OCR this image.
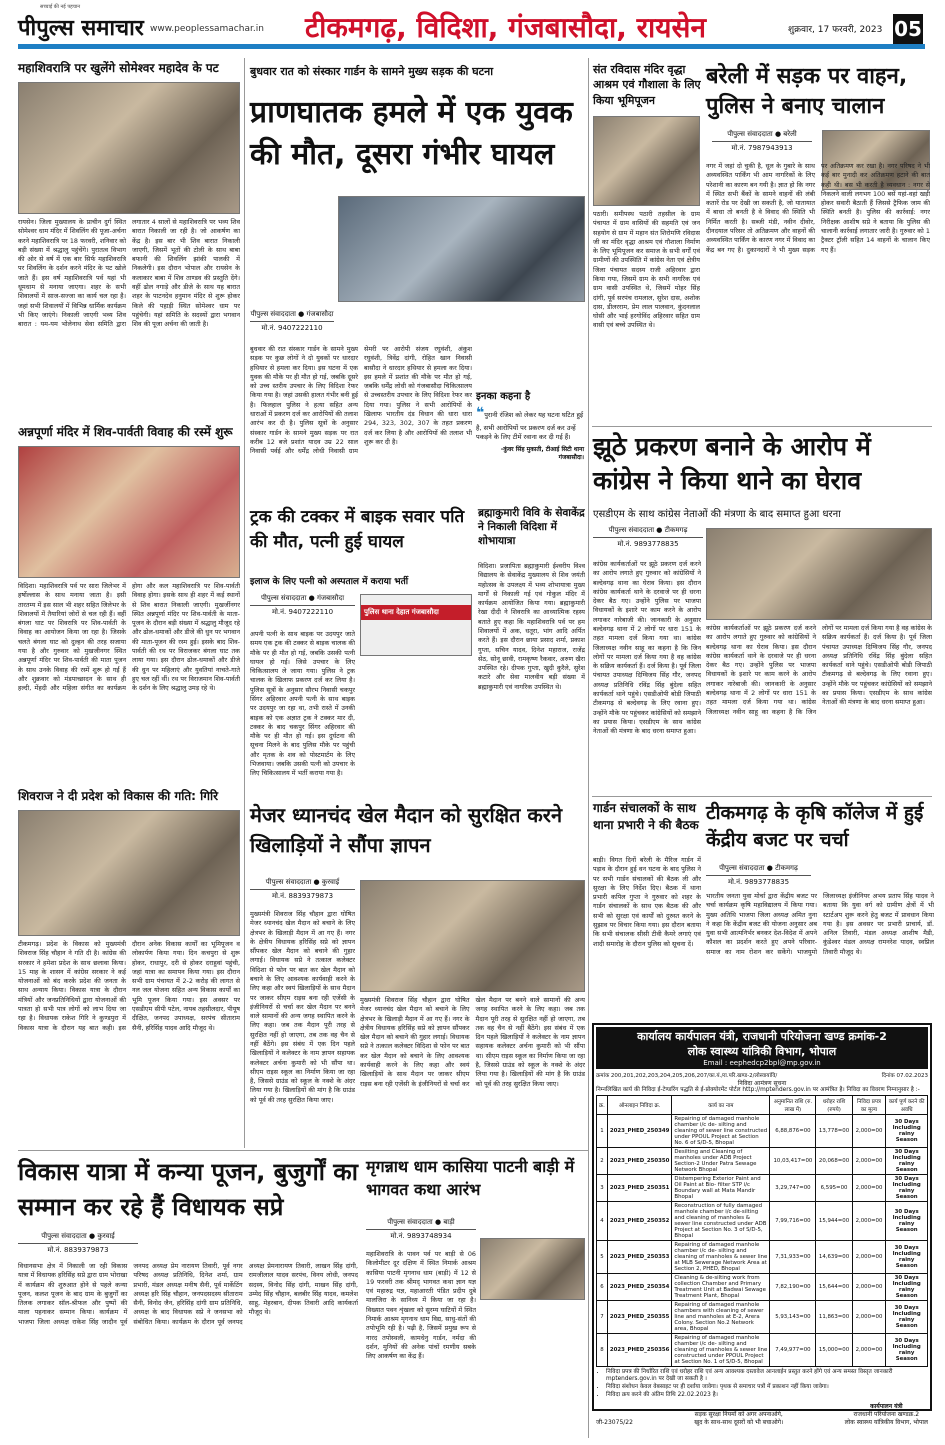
सच्चाई की नई पहचान
पीपुल्स समाचार www.peoplessamachar.in टीकमगढ़, विदिशा, गंजबासौदा, रायसेन	शुक्रवार, 17 फरवरी, 2023 05
महाशिवरात्रि पर खुलेंगे सोमेश्वर महादेव के पट
रायसेन। जिला मुख्यालय के प्राचीन दुर्ग स्थित सोमेश्वर धाम मंदिर में शिवलिंग की पूजा-अर्चना करने महाशिवरात्रि पर 18 फरवरी, शनिवार को बड़ी संख्या में श्रद्धालु पहुंचेंगे। पुरातत्व विभाग की ओर से वर्ष में एक बार सिर्फ महाशिवरात्रि पर शिवलिंग के दर्शन करने मंदिर के पट खोले जाते हैं। इस वर्ष महाशिवरात्रि पर्व यहां भी धूमधाम से मनाया जाएगा। शहर के सभी शिवालयों में साज-सज्जा का कार्य चल रहा है। जहां सभी शिवालयों में विभिन्न धार्मिक कार्यक्रम भी किए जाएंगे। निकाली जाएगी भव्य शिव बारात : यम-यम भोलेनाथ सेवा समिति द्वारा लगातार 4 सालों से महाशिवरात्रि पर भव्य शिव बारात निकाली जा रही है। जो आकर्षण का केंद्र है। इस बार भी शिव बारात निकाली जाएगी, जिसमें भूतों की टोली के साथ बाबा बफानी की शिवलिंग झांकी पालकी में निकलेगी। इस दौरान भोपाल और रायसेन के कलाकार बाबा में शिव ताण्डव की प्रस्तुति देंगे। वहीं ढोल नगाड़े और डीजे के साथ यह बारात शहर के पाटनदेव हनुमान मंदिर से शुरू होकर किले की पहाड़ी स्थित सोमेश्वर धाम पर पहुंचेगी। यहां समिति के सदस्यों द्वारा भगवान शिव की पूजा अर्चना की जाती है।
अन्नपूर्णा मंदिर में शिव-पार्वती विवाह की रस्में शुरू
विदिशा। महाशिवरात्रि पर्व पर सारा जिलेभर में हर्षोल्लास के साथ मनाया जाता है। इसी तारतम्य में इस साल भी शहर सहित जिलेभर के शिवालयों में तैयारियां जोरों से चल रही हैं। वहीं बंगला घाट पर शिवरात्रि पर शिव-पार्वती के विवाह का आयोजन किया जा रहा है। जिसके चलते बंगला घाट को दुल्हन की तरह सजाया गया है और गुरुवार को मुखजीनगर स्थित अन्नपूर्णा मंदिर पर शिव-पार्वती की माता पूजन के साथ उनके विवाह की रस्में शुरू हो गईं हैं और शुक्रवार को मंडपाच्छादन के साथ ही हल्दी, मेंहदी और महिला संगीत का कार्यक्रम होगा और कल महाशिवरात्रि पर शिव-पार्वती विवाह होगा। इसके साथ ही शहर में कई स्थानों से शिव बारात निकाली जाएगी। मुखर्जीनगर स्थित अन्नपूर्णा मंदिर पर शिव-पार्वती के माता-पूजन के दौरान बड़ी संख्या में श्रद्धालु मौजूद रहे और ढोल-धमाकों और डीजे की धुन पर भगवान की माता-पूजन की रस्म हुई। इसके बाद शिव-पार्वती की रथ पर विराजकर बंगला घाट तक लाया गया। इस दौरान ढोल-धमाकों और डीजे की धुन पर महिलाएं और युवतियां नाचते-गाते हुए चल रहीं थीं। रथ पर विराजमान शिव-पार्वती के दर्शन के लिए श्रद्धालु उमड़ रहे थे।
शिवराज ने दी प्रदेश को विकास की गति: गिरि
टीकमगढ़। प्रदेश के विकास को मुख्यमंत्री शिवराज सिंह चौहान ने गति दी है। कांग्रेस की सरकार ने हमेशा प्रदेश के साथ छलावा किया। 15 माह के शासन में कांग्रेस सरकार ने कई योजनाओं को बंद करके प्रदेश की जनता के साथ अन्याय किया। विकास यात्रा के दौरान मंत्रियों और जनप्रतिनिधियों द्वारा योजनाओं की पात्रता हो सभी पात्र लोगों को लाभ दिया जा रहा है। विधायक राकेश गिरि ने कुण्डपुरा में विकास यात्रा के दौरान यह बात कही। इस दौरान अनेक विकास कार्यों का भूमिपूजन व लोकार्पण किया गया। दिन कचपुरा से शुरू होकर, राधापुर, दरी से होकर दराहुवां पहुंची, जहां यात्रा का समापन किया गया। इस दौरान सभी ग्राम पंचायत में 2-2 करोड़ की लागत से नल जल योजना सहित अन्य विकास कार्यों का भूमि पूजन किया गया। इस अवसर पर एसडीएम सीपी पटेल, नायब तहसीलदार, पीयूष दीक्षित, जनपद उपाध्यक्ष, सरपंच सीताराम सैनी, हरिसिंह यादव आदि मौजूद थे।
बुधवार रात को संस्कार गार्डन के सामने मुख्य सड़क की घटना
प्राणघातक हमले में एक युवक की मौत, दूसरा गंभीर घायल
पीपुल्स संवाददाता ● गंजबासौदा
मो.नं. 9407222110
बुधवार की रात संस्कार गार्डन के सामने मुख्य सड़क पर कुछ लोगों ने दो युवकों पर धारदार हथियार से हमला कर दिया। इस घटना में एक युवक की मौके पर ही मौत हो गई, जबकि दूसरे को उच्च स्तरीय उपचार के लिए विदिशा रेफर किया गया है। जहां उसकी हालत गंभीर बनी हुई है। फिलहाल पुलिस ने हत्या सहित अन्य धाराओं में प्रकरण दर्ज कर आरोपियों की तलाश आरंभ कर दी है। पुलिस सूत्रों के अनुसार संस्कार गार्डन के सामने मुख्य सड़क पर रात करीब 12 बजे प्रशांत यादव उम्र 22 साल निवासी पर्वई और धर्मेंद्र लोधी निवासी ग्राम सेमरी पर आरोपी संजय रघुवंशी, अंकुश रघुवंशी, त्रिवेंद्र दांगी, रोहित खान निवासी बासौदा ने धारदार हथियार से हमला कर दिया। इस हमले में प्रशांत की मौके पर मौत हो गई, जबकि धर्मेंद्र लोधी को गंजबासौदा चिकित्सालय से उच्चस्तरीय उपचार के लिए विदिशा रेफर कर दिया गया। पुलिस ने सभी आरोपियों के खिलाफ भारतीय दंड विधान की धारा धारा 294, 323, 302, 307 के तहत प्रकरण दर्ज कर लिया है और आरोपियों की तलाश भी शुरू कर दी है।
इनका कहना है
❝पुरानी रंजिश को लेकर यह घटना घटित हुई है, सभी आरोपियों पर प्रकरण दर्ज कर उन्हें पकड़ने के लिए टीमें रवाना कर दी गई हैं।
-कुंवर सिंह मुकाती, टीआई सिटी थाना गंजबासौदा।
ट्रक की टक्कर में बाइक सवार पति की मौत, पत्नी हुई घायल
इलाज के लिए पत्नी को अस्पताल में कराया भर्ती
पीपुल्स संवाददाता ● गंजबासौदा
मो.नं. 9407222110	पुलिस थाना देहात गंजबासौदा
अपनी पत्नी के साथ बाइक पर उदयपुर जाते समय एक ट्रक की टक्कर से बाइक चालक की मौके पर ही मौत हो गई, जबकि उसकी पत्नी घायल हो गई। जिसे उपचार के लिए चिकित्सालय ले जाया गया। पुलिस ने ट्रक चालक के खिलाफ प्रकरण दर्ज कर लिया है। पुलिस सूत्रों के अनुसार सौरभ निवासी चकपुर सिंगर अहिरवार अपनी पत्नी के साथ बाइक पर उदयपुर जा रहा था, तभी रास्ते में उनकी बाइक को एक अज्ञात ट्रक ने टक्कर मार दी, टक्कर के बाद चकपुर सिंगर अहिरवार की मौके पर ही मौत हो गई। इस दुर्घटना की सूचना मिलने के बाद पुलिस मौके पर पहुंची और मृतक के शव को पोस्टमार्टम के लिए भिजवाया। जबकि उसकी पत्नी को उपचार के लिए चिकित्सालय में भर्ती कराया गया है।
ब्रह्माकुमारी विवि के सेवाकेंद्र ने निकाली विदिशा में शोभायात्रा
विदिशा। प्रजापिता ब्रह्माकुमारी ईश्वरीय विश्व विद्यालय के सेवाकेंद्र मुख्यालय से शिव जयंती महोत्सव के उपलक्ष्य में भव्य शोभायात्रा मुख्य मार्गों से निकाली गई एवं गोकुल मंदिर में कार्यक्रम आयोजित किया गया। ब्रह्माकुमारी रेखा दीदी ने शिवरात्रि का आध्यात्मिक रहस्य बताते हुए कहा कि महाशिवरात्रि पर्व पर हम शिवालयों में अक, धतूरा, भांग आदि अर्पित करते हैं। इस दौरान छाया प्रसाद शर्मा, प्रकाश गुप्ता, सचिन यादव, दिनेश महाराज, राजेंद्र सेठ, सोनू छावी, रामकृष्ण रैकवार, अरुण खैरा उपस्थित रहे। दीपक गुप्ता, खुदी कुरैले, सुरेश कटारे और सेवा मालवीय बड़ी संख्या में ब्रह्माकुमारी एवं नागरिक उपस्थित थे।
मेजर ध्यानचंद खेल मैदान को सुरक्षित करने खिलाड़ियों ने सौंपा ज्ञापन
पीपुल्स संवाददाता ● कुरवाई
मो.नं. 8839379873
मुख्यमंत्री शिवराज सिंह चौहान द्वारा घोषित मेजर ध्यानचंद खेल मैदान को बचाने के लिए क्षेत्रभर के खिलाड़ी मैदान में आ गए हैं। नगर के क्षेत्रीय विधायक हरिसिंह सप्रे को ज्ञापन सौंपकर खेल मैदान को बचाने की गुहार लगाई। विधायक सप्रे ने तत्काल कलेक्टर विदिशा से फोन पर बात कर खेल मैदान को बचाने के लिए आवश्यक कार्यवाही करने के लिए कहा और स्वयं खिलाड़ियों के साथ मैदान पर जाकर सीएम राइस बना रही एजेंसी के इंजीनियरों से चर्चा कर खेल मैदान पर बनने वाले सामानों की अन्य जगह स्थापित करने के लिए कहा। जब तक मैदान पूरी तरह से सुरक्षित नहीं हो जाएगा, तब तक वह चैन से नहीं बैठेंगे। इस संबंध में एक दिन पहले खिलाड़ियों ने कलेक्टर के नाम ज्ञापन सहायक कलेक्टर अर्चना कुमारी को भी सौंपा था। सीएम राइस स्कूल का निर्माण किया जा रहा है, जिससे ग्राउंड को स्कूल के नक्शे के अंदर लिया गया है। खिलाड़ियों की मांग है कि ग्राउंड को पूर्व की तरह सुरक्षित किया जाए।
मुख्यमंत्री शिवराज सिंह चौहान द्वारा घोषित मेजर ध्यानचंद खेल मैदान को बचाने के लिए क्षेत्रभर के खिलाड़ी मैदान में आ गए हैं। नगर के क्षेत्रीय विधायक हरिसिंह सप्रे को ज्ञापन सौंपकर खेल मैदान को बचाने की गुहार लगाई। विधायक सप्रे ने तत्काल कलेक्टर विदिशा से फोन पर बात कर खेल मैदान को बचाने के लिए आवश्यक कार्यवाही करने के लिए कहा और स्वयं खिलाड़ियों के साथ मैदान पर जाकर सीएम राइस बना रही एजेंसी के इंजीनियरों से चर्चा कर खेल मैदान पर बनने वाले सामानों की अन्य जगह स्थापित करने के लिए कहा। जब तक मैदान पूरी तरह से सुरक्षित नहीं हो जाएगा, तब तक वह चैन से नहीं बैठेंगे। इस संबंध में एक दिन पहले खिलाड़ियों ने कलेक्टर के नाम ज्ञापन सहायक कलेक्टर अर्चना कुमारी को भी सौंपा था। सीएम राइस स्कूल का निर्माण किया जा रहा है, जिससे ग्राउंड को स्कूल के नक्शे के अंदर लिया गया है। खिलाड़ियों की मांग है कि ग्राउंड को पूर्व की तरह सुरक्षित किया जाए।
विकास यात्रा में कन्या पूजन, बुजुर्गों का सम्मान कर रहे हैं विधायक सप्रे
पीपुल्स संवाददाता ● कुरवाई
मो.नं. 8839379873
विधानसभा क्षेत्र में निकाली जा रही विकास यात्रा में विधायक हरिसिंह सप्रे द्वारा ग्राम भोराखा में कार्यक्रम की शुरुआत होने से पहले कन्या पूजन, कलश पूजन के बाद ग्राम के बुजुर्गों का तिलक लगाकर सॉल-श्रीफल और पुष्पों की माला पहनाकर सम्मान किया। कार्यक्रम में भाजपा जिला अध्यक्ष राकेश सिंह जादौन पूर्व जनपद अध्यक्ष प्रेम नारायण तिवारी, पूर्व नगर परिषद अध्यक्ष प्रतिनिधि, दिनेश शर्मा, ग्राम प्रभारी, मंडल अध्यक्ष मनीष सैनी, पूर्व मार्केटिंग अध्यक्ष हरि सिंह चौहान, जनपदसदस्य सीताराम सैनी, विनोद जैन, हरिसिंह दांगी ग्राम प्रतिनिधि, अध्यक्ष के बाद विधायक सप्रे ने जनसभा को संबोधित किया। कार्यक्रम के दौरान पूर्व जनपद अध्यक्ष प्रेमनारायण तिवारी, लाखन सिंह दांगी, रामजीलाल यादव सरपंच, विनय लोधी, जनपद सदस्य, विनोद सिंह दांगी, माखन सिंह दांगी, उम्मेद सिंह चौहान, बलबीर सिंह यादव, कमलेश साहू, मेहरबान, दीपक तिवारी आदि कार्यकर्ता मौजूद थे।
मृगन्नाथ धाम कासिया पाटनी बाड़ी में भागवत कथा आरंभ
पीपुल्स संवाददाता ● बाड़ी
मो.नं. 9893748934
महाशिवरात्रि के पावन पर्व पर बाड़ी से 06 किलोमीटर दूर दक्षिण में स्थित निमार्क आश्रम कासिया पाटनी मृगनाथ धाम (बाड़ी) में 12 से 19 फरवरी तक श्रीमद् भागवत कथा ज्ञान यज्ञ एवं महारुद्र यज्ञ, महाआरती पंडित प्रदीप दुबे मालजिरा के सानिध्य में किया जा रहा है। विख्यात पवन शृंखला को सुरम्य घाटियों में स्थित निमार्क आश्रम मृगनाथ धाम विद्य, साधु-संतों की तपोभूमि रही है। पढ़ी है, जिसमें प्रमुख रूप से नारद तपोस्थली, कामधेनु गार्डन, नर्मदा की दर्शन, मुनियों की अनेक पांचों रमणीय सबके लिए आकर्षण का केंद्र हैं।
संत रविदास मंदिर वृद्धा आश्रम एवं गौशाला के लिए किया भूमिपूजन
पठारी। समीपस्थ पठारी तहसील के ग्राम पंचायत में ग्राम वासियों की सहमति एवं जन सहयोग से ग्राम में महान संत शिरोमणि रविदास जी का मंदिर वृद्धा आश्रम एवं गौशाला निर्माण के लिए भूमिपूजन कर समाज के सभी वर्गों एवं ग्रामीणों की उपस्थिति में कांग्रेस नेता एवं क्षेत्रीय जिला पंचायत सदस्य राजी अहिरवार द्वारा किया गया, जिसमें ग्राम के सभी नागरिक एवं ग्राम वासी उपस्थित थे, जिसमें मोहर सिंह दांगी, पूर्व सरपंच रामलाल, सुरेश दास, अशोक दास, डीलरराम, प्रेम लाल पालवान, कुंदनलाल घोसी और भाई हरगोविंद अहिरवार सहित ग्राम वासी एवं बच्चे उपस्थित थे।
बरेली में सड़क पर वाहन, पुलिस ने बनाए चालान
पीपुल्स संवाददाता ● बरेली
मो.नं. 7987943913
नगर में जहां दो चुकी है, धूल के गुबारे के साथ अव्यवस्थित पार्किंग भी आम नागरिकों के लिए परेशानी का कारण बन गयी है। ज्ञात हो कि नगर में स्थित सभी बैंकों के सामने वाहनों की लंबी कतारें रोड पर देखी जा सकती है, जो यातायात में बाधा तो बनती है वे विवाद की स्थिति भी निर्मित करती है। सब्जी मंडी, नवीन दीवोर, दीनदयाल परिसर तो अतिक्रमण और वाहनों की अव्यवस्थित पार्किंग के कारण नगर में विवाद का केंद्र बन गए है। दुकानदारों ने भी मुख्य सड़क पर अतिक्रमण कर रखा है। नगर परिषद ने भी कई बार मुनादी कर अतिक्रमण हटाने की बात कही थी। बस भी करती है व्यवधान : नगर से निकलने वाली लगभग 100 बसें यहां-वहां खड़ी होकर सवारी बैठाती हैं जिससे ट्रैफिक जाम की स्थिति बनती है। पुलिस की कार्रवाई: नगर निरीक्षक आशीष सप्रे ने बताया कि पुलिस की चालानी कार्रवाई लगातार जारी है। गुरुवार को 1 ट्रैक्टर ट्रॉली सहित 14 वाहनों के चालान किए गए हैं।
झूठे प्रकरण बनाने के आरोप में कांग्रेस ने किया थाने का घेराव
एसडीएम के साथ कांग्रेस नेताओं की मंत्रणा के बाद समाप्त हुआ धरना
पीपुल्स संवाददाता ● टीकमगढ़
मो.नं. 9893778835
कांग्रेस कार्यकर्ताओं पर झूठे प्रकरण दर्ज करने का आरोप लगाते हुए गुरुवार को कांग्रेसियों ने बल्देवगढ़ थाना का घेराव किया। इस दौरान कांग्रेस कार्यकर्ता थाने के दरवाजे पर ही धरना देकर बैठ गए। उन्होंने पुलिस पर भाजपा विधायकों के इशारे पर काम करने के आरोप लगाकर नारेबाजी की। जानकारी के अनुसार बल्देवगढ़ थाना में 2 लोगों पर धारा 151 के तहत मामला दर्ज किया गया था। कांग्रेस जिलाध्यक्ष नवीन साहू का कहना है कि जिन लोगों पर मामला दर्ज किया गया है वह कांग्रेस के सक्रिय कार्यकर्ता हैं। दर्ज किया है। पूर्व जिला पंचायत उपाध्यक्ष दिग्विजय सिंह गौर, जनपद अध्यक्ष प्रतिनिधि रविंद्र सिंह बुंदेला सहित कार्यकर्ता थाने पहुंचे। एसडीओपी बोडी जिपाठी टीकमगढ़ से बल्देवगढ़ के लिए रवाना हुए। उन्होंने मौके पर पहुंचकर कांग्रेसियों को समझाने का प्रयास किया। एसडीएम के साथ कांग्रेस नेताओं की मंत्रणा के बाद धरना समाप्त हुआ।
कांग्रेस कार्यकर्ताओं पर झूठे प्रकरण दर्ज करने का आरोप लगाते हुए गुरुवार को कांग्रेसियों ने बल्देवगढ़ थाना का घेराव किया। इस दौरान कांग्रेस कार्यकर्ता थाने के दरवाजे पर ही धरना देकर बैठ गए। उन्होंने पुलिस पर भाजपा विधायकों के इशारे पर काम करने के आरोप लगाकर नारेबाजी की। जानकारी के अनुसार बल्देवगढ़ थाना में 2 लोगों पर धारा 151 के तहत मामला दर्ज किया गया था। कांग्रेस जिलाध्यक्ष नवीन साहू का कहना है कि जिन लोगों पर मामला दर्ज किया गया है वह कांग्रेस के सक्रिय कार्यकर्ता हैं। दर्ज किया है। पूर्व जिला पंचायत उपाध्यक्ष दिग्विजय सिंह गौर, जनपद अध्यक्ष प्रतिनिधि रविंद्र सिंह बुंदेला सहित कार्यकर्ता थाने पहुंचे। एसडीओपी बोडी जिपाठी टीकमगढ़ से बल्देवगढ़ के लिए रवाना हुए। उन्होंने मौके पर पहुंचकर कांग्रेसियों को समझाने का प्रयास किया। एसडीएम के साथ कांग्रेस नेताओं की मंत्रणा के बाद धरना समाप्त हुआ।
गार्डन संचालकों के साथ थाना प्रभारी ने की बैठक
बाड़ी। विगत दिनों बरेली के मैरिज गार्डन में पड़ाव के दौरान हुई वन घटना के बाद पुलिस ने पर सभी गार्डन संचालकों की बैठक ली और सुरक्षा के लिए निर्देश दिए। बैठक में थाना प्रभारी कपिल गुप्ता ने गुरुवार को शहर के गार्डन संचालकों के साथ एक बैठक की और सभी को सुरक्षा एवं कार्यों को दुरुस्त करने के सुझाव पर विचार किया गया। इस दौरान बताया कि सभी संचालक सीसी टीवी कैमरे लगाएं एवं शादी समारोह के दौरान पुलिस को सूचना दें।
टीकमगढ़ के कृषि कॉलेज में हुई केंद्रीय बजट पर चर्चा
पीपुल्स संवाददाता ● टीकमगढ़
मो.नं. 9893778835
भारतीय जनता युवा मोर्चा द्वारा केंद्रीय बजट पर चर्चा कार्यक्रम कृषि महाविद्यालय में किया गया। मुख्य अतिथि भाजपा जिला अध्यक्ष अमित नुना ने कहा कि केंद्रीय बजट की योजना अनुसार अब युवा सभी आत्मनिर्भर बनकर देश-विदेश में अपने कौशल का प्रदर्शन करते हुए अपने परिवार-समाज का नाम रोशन कर सकेंगे। भाजयुमो जिलाध्यक्ष इंजीनियर अभय प्रताप सिंह यादव ने बताया कि युवा वर्ग को ग्रामीण क्षेत्रों में भी स्टार्टअप शुरू करने हेतु बजट में प्रावधान किया गया है। इस अवसर पर प्रभारी प्राचार्य, डॉ. अनिल तिवारी, मंडल अध्यक्ष आशीष मैडी, कुंडेश्वर मंडल अध्यक्ष रामनरेश यादव, स्वप्निल तिवारी मौजूद थे।
कार्यालय कार्यपालन यंत्री, राजधानी परियोजना खण्ड क्रमांक-2
लोक स्वास्थ्य यांत्रिकी विभाग, भोपाल
Email : eephedcp2bpl@mp.gov.in
क्रमांक 200,201,202,203,204,205,206,207/का.यं./रा.परि.खण्ड-2/लोस्वायांवि/	दिनांक 07.02.2023
निविदा आमंत्रण सूचना
निम्नलिखित कार्य की निविदा ई-टेण्डरिंग पद्धति से ई-प्रोक्योरमेंट पोर्टल http://mptenders.gov.in पर आमंत्रित है। निविदा का विवरण निम्नानुसार है :-
क्र.	ऑनलाइन निविदा क्र.	कार्य का नाम	अनुमानित राशि (रु. लाख में)	धरोहर राशि (रुपये)	निविदा प्रपत्र का मूल्य	कार्य पूर्ण करने की अवधि
1	2023_PHED_250349	Repairing of damaged manhole chamber i/c de- silting and cleaning of sewer line constructed under PPOUL Project at Section No. 6 of S/D-5, Bhopal	6,88,876=00	13,778=00	2,000=00	30 Days Including rainy Season
2	2023_PHED_250350	Desilting and Cleaning of manholes under ADB Project Section-2 Under Patra Sewage Network Bhopal	10,03,417=00	20,068=00	2,000=00	30 Days Including rainy Season
3	2023_PHED_250351	Distempering Exterior Paint and Oil Paint at Bio- filter STP i/c Boundary wall at Mata Mandir Bhopal	3,29,747=00	6,595=00	2,000=00	30 Days Including rainy Season
4	2023_PHED_250352	Reconstruction of fully damaged manhole chamber i/c de-silting and cleaning of manholes & sewer line constructed under ADB Project at Section No. 3 of S/D-5, Bhopal	7,99,716=00	15,944=00	2,000=00	30 Days Including rainy Season
5	2023_PHED_250353	Repairing of damaged manhole chamber i/c de- silting and cleaning of manholes & sewer line at MLB Sewerage Network Area at Section 2, PHED, Bhopal	7,31,933=00	14,639=00	2,000=00	30 Days Including rainy Season
6	2023_PHED_250354	Cleaning & de-silting work from collection Chamber and Primary Treatment Unit at Badwai Sewage Treatment Plant, Bhopal	7,82,190=00	15,644=00	2,000=00	30 Days Including rainy Season
7	2023_PHED_250355	Repairing of damaged manhole chambers with cleaning of sewer line and manholes at E-2, Arera Colony. Section No.2 Network area, Bhopal	5,93,143=00	11,863=00	2,000=00	30 Days Including rainy Season
8	2023_PHED_250356	Repairing of damaged manhole chamber i/c de- silting and cleaning of manholes & sewer line constructed under PPOUL Project at Section No. 1 of S/D-5, Bhopal	7,49,977=00	15,000=00	2,000=00	30 Days Including rainy Season
• निविदा प्रपत्र की निर्धारित राशि एवं धरोहर राशि एवं अन्य आवश्यक दस्तावेज आनलाईन प्रस्तुत करने होंगे एवं अन्य समस्त विस्तृत जानकारी mptenders.gov.in पर देखी जा सकती है ।
• निविदा संशोधन केवल वेबसाइट पर ही दर्शाया जावेगा। पृथक से समाचार पत्रों में प्रकाशन नहीं किया जावेगा।
• निविदा क्रय करने की अंतिम तिथि 22.02.2023 है।
जी-23075/22
सड़क सुरक्षा नियमों को अगर अपनाओगे,
खुद के साथ-साथ दूसरों को भी बचाओगे।
कार्यपालन यंत्री
राजधानी परियोजना खण्डक्र.2
लोक स्वास्थ्य यांत्रिकीय विभाग, भोपाल
